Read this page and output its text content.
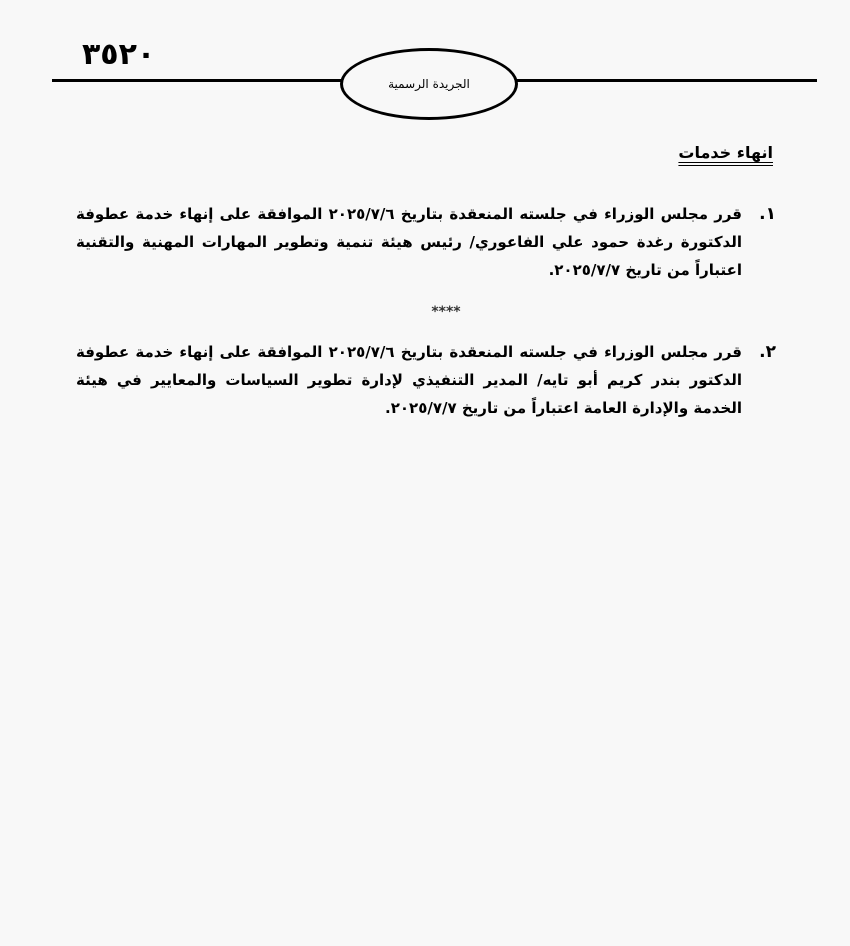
٣٥٢٠
الجريدة الرسمية
انهاء خدمات
١.
قرر مجلس الوزراء في جلسته المنعقدة بتاريخ ٢٠٢٥/٧/٦ الموافقة على إنهاء خدمة عطوفة الدكتورة رغدة حمود علي الفاعوري/ رئيس هيئة تنمية وتطوير المهارات المهنية والتقنية اعتباراً من تاريخ ٢٠٢٥/٧/٧.
****
٢.
قرر مجلس الوزراء في جلسته المنعقدة بتاريخ ٢٠٢٥/٧/٦ الموافقة على إنهاء خدمة عطوفة الدكتور بندر كريم أبو تايه/ المدير التنفيذي لإدارة تطوير السياسات والمعايير في هيئة الخدمة والإدارة العامة اعتباراً من تاريخ ٢٠٢٥/٧/٧.
